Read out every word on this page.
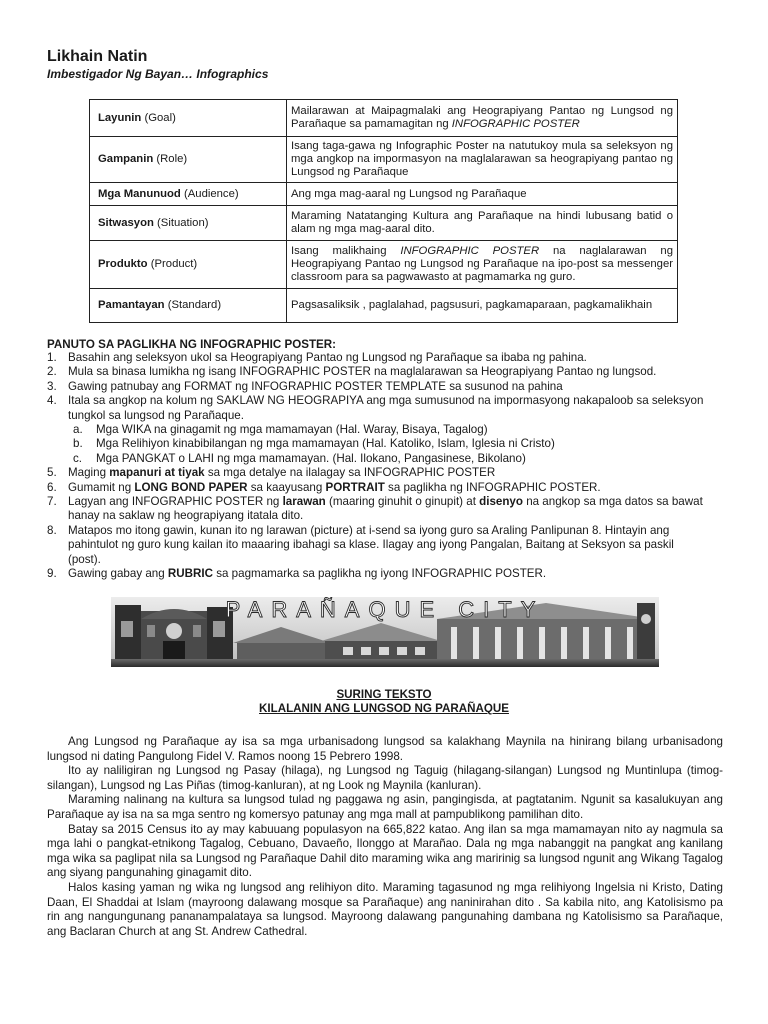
Likhain Natin
Imbestigador Ng Bayan… Infographics
Layunin (Goal)	Mailarawan at Maipagmalaki ang Heograpiyang Pantao ng Lungsod ng Parañaque sa pamamagitan ng INFOGRAPHIC POSTER
Gampanin (Role)	Isang taga-gawa ng Infographic Poster na natutukoy mula sa seleksyon ng mga angkop na impormasyon na maglalarawan sa heograpiyang pantao ng Lungsod ng Parañaque
Mga Manunuod (Audience)	Ang mga mag-aaral ng Lungsod ng Parañaque
Sitwasyon (Situation)	Maraming Natatanging Kultura ang Parañaque na hindi lubusang batid o alam ng mga mag-aaral dito.
Produkto (Product)	Isang malikhaing INFOGRAPHIC POSTER na naglalarawan ng Heograpiyang Pantao ng Lungsod ng Parañaque na ipo-post sa messenger classroom para sa pagwawasto at pagmamarka ng guro.
Pamantayan (Standard)	Pagsasaliksik , paglalahad, pagsusuri, pagkamaparaan, pagkamalikhain
PANUTO SA PAGLIKHA NG INFOGRAPHIC POSTER:
1. Basahin ang seleksyon ukol sa Heograpiyang Pantao ng Lungsod ng Parañaque sa ibaba ng pahina.
2. Mula sa binasa lumikha ng isang INFOGRAPHIC POSTER na maglalarawan sa Heograpiyang Pantao ng lungsod.
3. Gawing patnubay ang FORMAT ng INFOGRAPHIC POSTER TEMPLATE sa susunod na pahina
4. Itala sa angkop na kolum ng SAKLAW NG HEOGRAPIYA ang mga sumusunod na impormasyong nakapaloob sa seleksyon tungkol sa lungsod ng Parañaque.
a.	Mga WIKA na ginagamit ng mga mamamayan (Hal. Waray, Bisaya, Tagalog)
b.	Mga Relihiyon kinabibilangan ng mga mamamayan (Hal. Katoliko, Islam, Iglesia ni Cristo)
c.	Mga PANGKAT o LAHI ng mga mamamayan. (Hal. Ilokano, Pangasinese, Bikolano)
5. Maging mapanuri at tiyak sa mga detalye na ilalagay sa INFOGRAPHIC POSTER
6. Gumamit ng LONG BOND PAPER sa kaayusang PORTRAIT sa paglikha ng INFOGRAPHIC POSTER.
7. Lagyan ang INFOGRAPHIC POSTER ng larawan (maaring ginuhit o ginupit) at disenyo na angkop sa mga datos sa bawat hanay na saklaw ng heograpiyang itatala dito.
8. Matapos mo itong gawin, kunan ito ng larawan (picture) at i-send sa iyong guro sa Araling Panlipunan 8. Hintayin ang pahintulot ng guro kung kailan ito maaaring ibahagi sa klase. Ilagay ang iyong Pangalan, Baitang at Seksyon sa paskil (post).
9. Gawing gabay ang RUBRIC sa pagmamarka sa paglikha ng iyong INFOGRAPHIC POSTER.
PARAÑAQUE CITY
SURING TEKSTO
KILALANIN ANG LUNGSOD NG PARAÑAQUE

Ang Lungsod ng Parañaque ay isa sa mga urbanisadong lungsod sa kalakhang Maynila na hinirang bilang urbanisadong lungsod ni dating Pangulong Fidel V. Ramos noong 15 Pebrero 1998.

Ito ay naliligiran ng Lungsod ng Pasay (hilaga), ng Lungsod ng Taguig (hilagang-silangan) Lungsod ng Muntinlupa (timog- silangan), Lungsod ng Las Piñas (timog-kanluran), at ng Look ng Maynila (kanluran).

Maraming nalinang na kultura sa lungsod tulad ng paggawa ng asin, pangingisda, at pagtatanim. Ngunit sa kasalukuyan ang Parañaque ay isa na sa mga sentro ng komersyo patunay ang mga mall at pampublikong pamilihan dito.

Batay sa 2015 Census ito ay may kabuuang populasyon na 665,822 katao. Ang ilan sa mga mamamayan nito ay nagmula sa mga lahi o pangkat-etnikong Tagalog, Cebuano, Davaeño, Ilonggo at Marañao. Dala ng mga nabanggit na pangkat ang kanilang mga wika sa paglipat nila sa Lungsod ng Parañaque Dahil dito maraming wika ang maririnig sa lungsod ngunit ang Wikang Tagalog ang siyang pangunahing ginagamit dito.

Halos kasing yaman ng wika ng lungsod ang relihiyon dito. Maraming tagasunod ng mga relihiyong Ingelsia ni Kristo, Dating Daan, El Shaddai at Islam (mayroong dalawang mosque sa Parañaque) ang naninirahan dito . Sa kabila nito, ang Katolisismo pa rin ang nangungunang pananampalataya sa lungsod. Mayroong dalawang pangunahing dambana ng Katolisismo sa Parañaque, ang Baclaran Church at ang St. Andrew Cathedral.
